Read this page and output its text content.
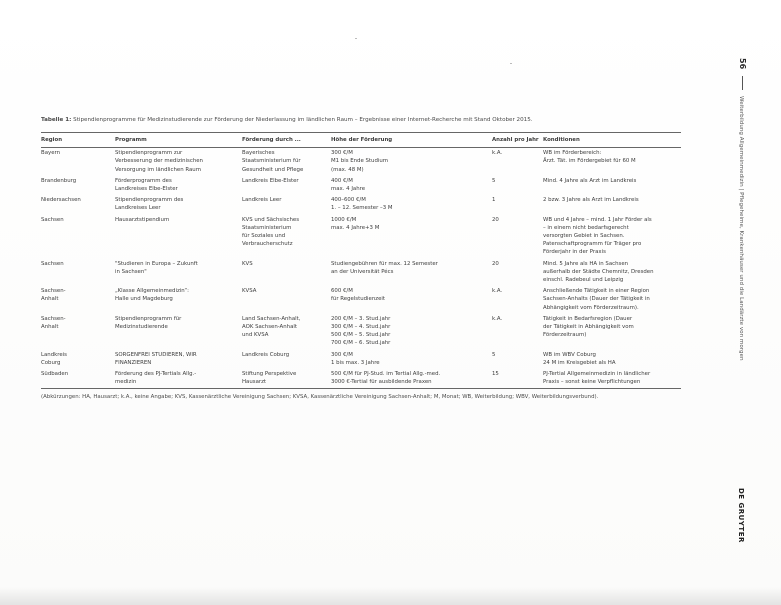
Tabelle 1: Stipendienprogramme für Medizinstudierende zur Förderung der Niederlassung im ländlichen Raum – Ergebnisse einer Internet-Recherche mit Stand Oktober 2015.
Region	Programm	Förderung durch ...	Höhe der Förderung	Anzahl pro Jahr	Konditionen

Bayern	Stipendienprogramm zur
Verbesserung der medizinischen
Versorgung im ländlichen Raum	Bayerisches
Staatsministerium für
Gesundheit und Pflege	300 €/M
M1 bis Ende Studium
(max. 48 M)	k.A.	WB im Förderbereich:
Ärzt. Tät. im Fördergebiet für 60 M

Brandenburg	Förderprogramm des
Landkreises Elbe-Elster	Landkreis Elbe-Elster	400 €/M
max. 4 Jahre	5	Mind. 4 Jahre als Arzt im Landkreis

Niedersachsen	Stipendienprogramm des
Landkreises Leer	Landkreis Leer	400–600 €/M
1. – 12. Semester –3 M	1	2 bzw. 3 Jahre als Arzt im Landkreis

Sachsen	Hausarztstipendium	KVS und Sächsisches
Staatsministerium
für Soziales und
Verbraucherschutz	1000 €/M
max. 4 Jahre+3 M	20	WB und 4 Jahre – mind. 1 Jahr Förder als
– in einem nicht bedarfsgerecht
versorgten Gebiet in Sachsen.
Patenschaftprogramm für Träger pro
Förderjahr in der Praxis

Sachsen	"Studieren in Europa – Zukunft
in Sachsen"	KVS	Studiengebühren für max. 12 Semester
an der Universität Pécs	20	Mind. 5 Jahre als HA in Sachsen
außerhalb der Städte Chemnitz, Dresden
einschl. Radebeul und Leipzig

Sachsen-
Anhalt	„Klasse Allgemeinmedizin“:
Halle und Magdeburg	KVSA	600 €/M
für Regelstudienzeit	k.A.	Anschließende Tätigkeit in einer Region
Sachsen-Anhalts (Dauer der Tätigkeit in
Abhängigkeit vom Förderzeitraum).

Sachsen-
Anhalt	Stipendienprogramm für
Medizinstudierende	Land Sachsen-Anhalt,
AOK Sachsen-Anhalt
und KVSA	200 €/M – 3. Stud.jahr
300 €/M – 4. Stud.jahr
500 €/M – 5. Stud.jahr
700 €/M – 6. Stud.jahr	k.A.	Tätigkeit in Bedarfsregion (Dauer
der Tätigkeit in Abhängigkeit vom
Förderzeitraum)

Landkreis
Coburg	SORGENFREI STUDIEREN, WIR
FINANZIEREN	Landkreis Coburg	300 €/M
1 bis max. 3 Jahre	5	WB im WBV Coburg
24 M im Kreisgebiet als HA

Südbaden	Förderung des PJ-Tertials Allg.-
medizin	Stiftung Perspektive
Hausarzt	500 €/M für PJ-Stud. im Tertial Allg.-med.
3000 €-Tertial für ausbildende Praxen	15	PJ-Tertial Allgemeinmedizin in ländlicher
Praxis – sonst keine Verpflichtungen
(Abkürzungen: HA, Hausarzt; k.A., keine Angabe; KVS, Kassenärztliche Vereinigung Sachsen; KVSA, Kassenärztliche Vereinigung Sachsen-Anhalt; M, Monat; WB, Weiterbildung; WBV, Weiterbildungsverbund).
56
Weiterbildung Allgemeinmedizin | Pflegeheime, Krankenhäuser und die Landärzte von morgen
DE GRUYTER
